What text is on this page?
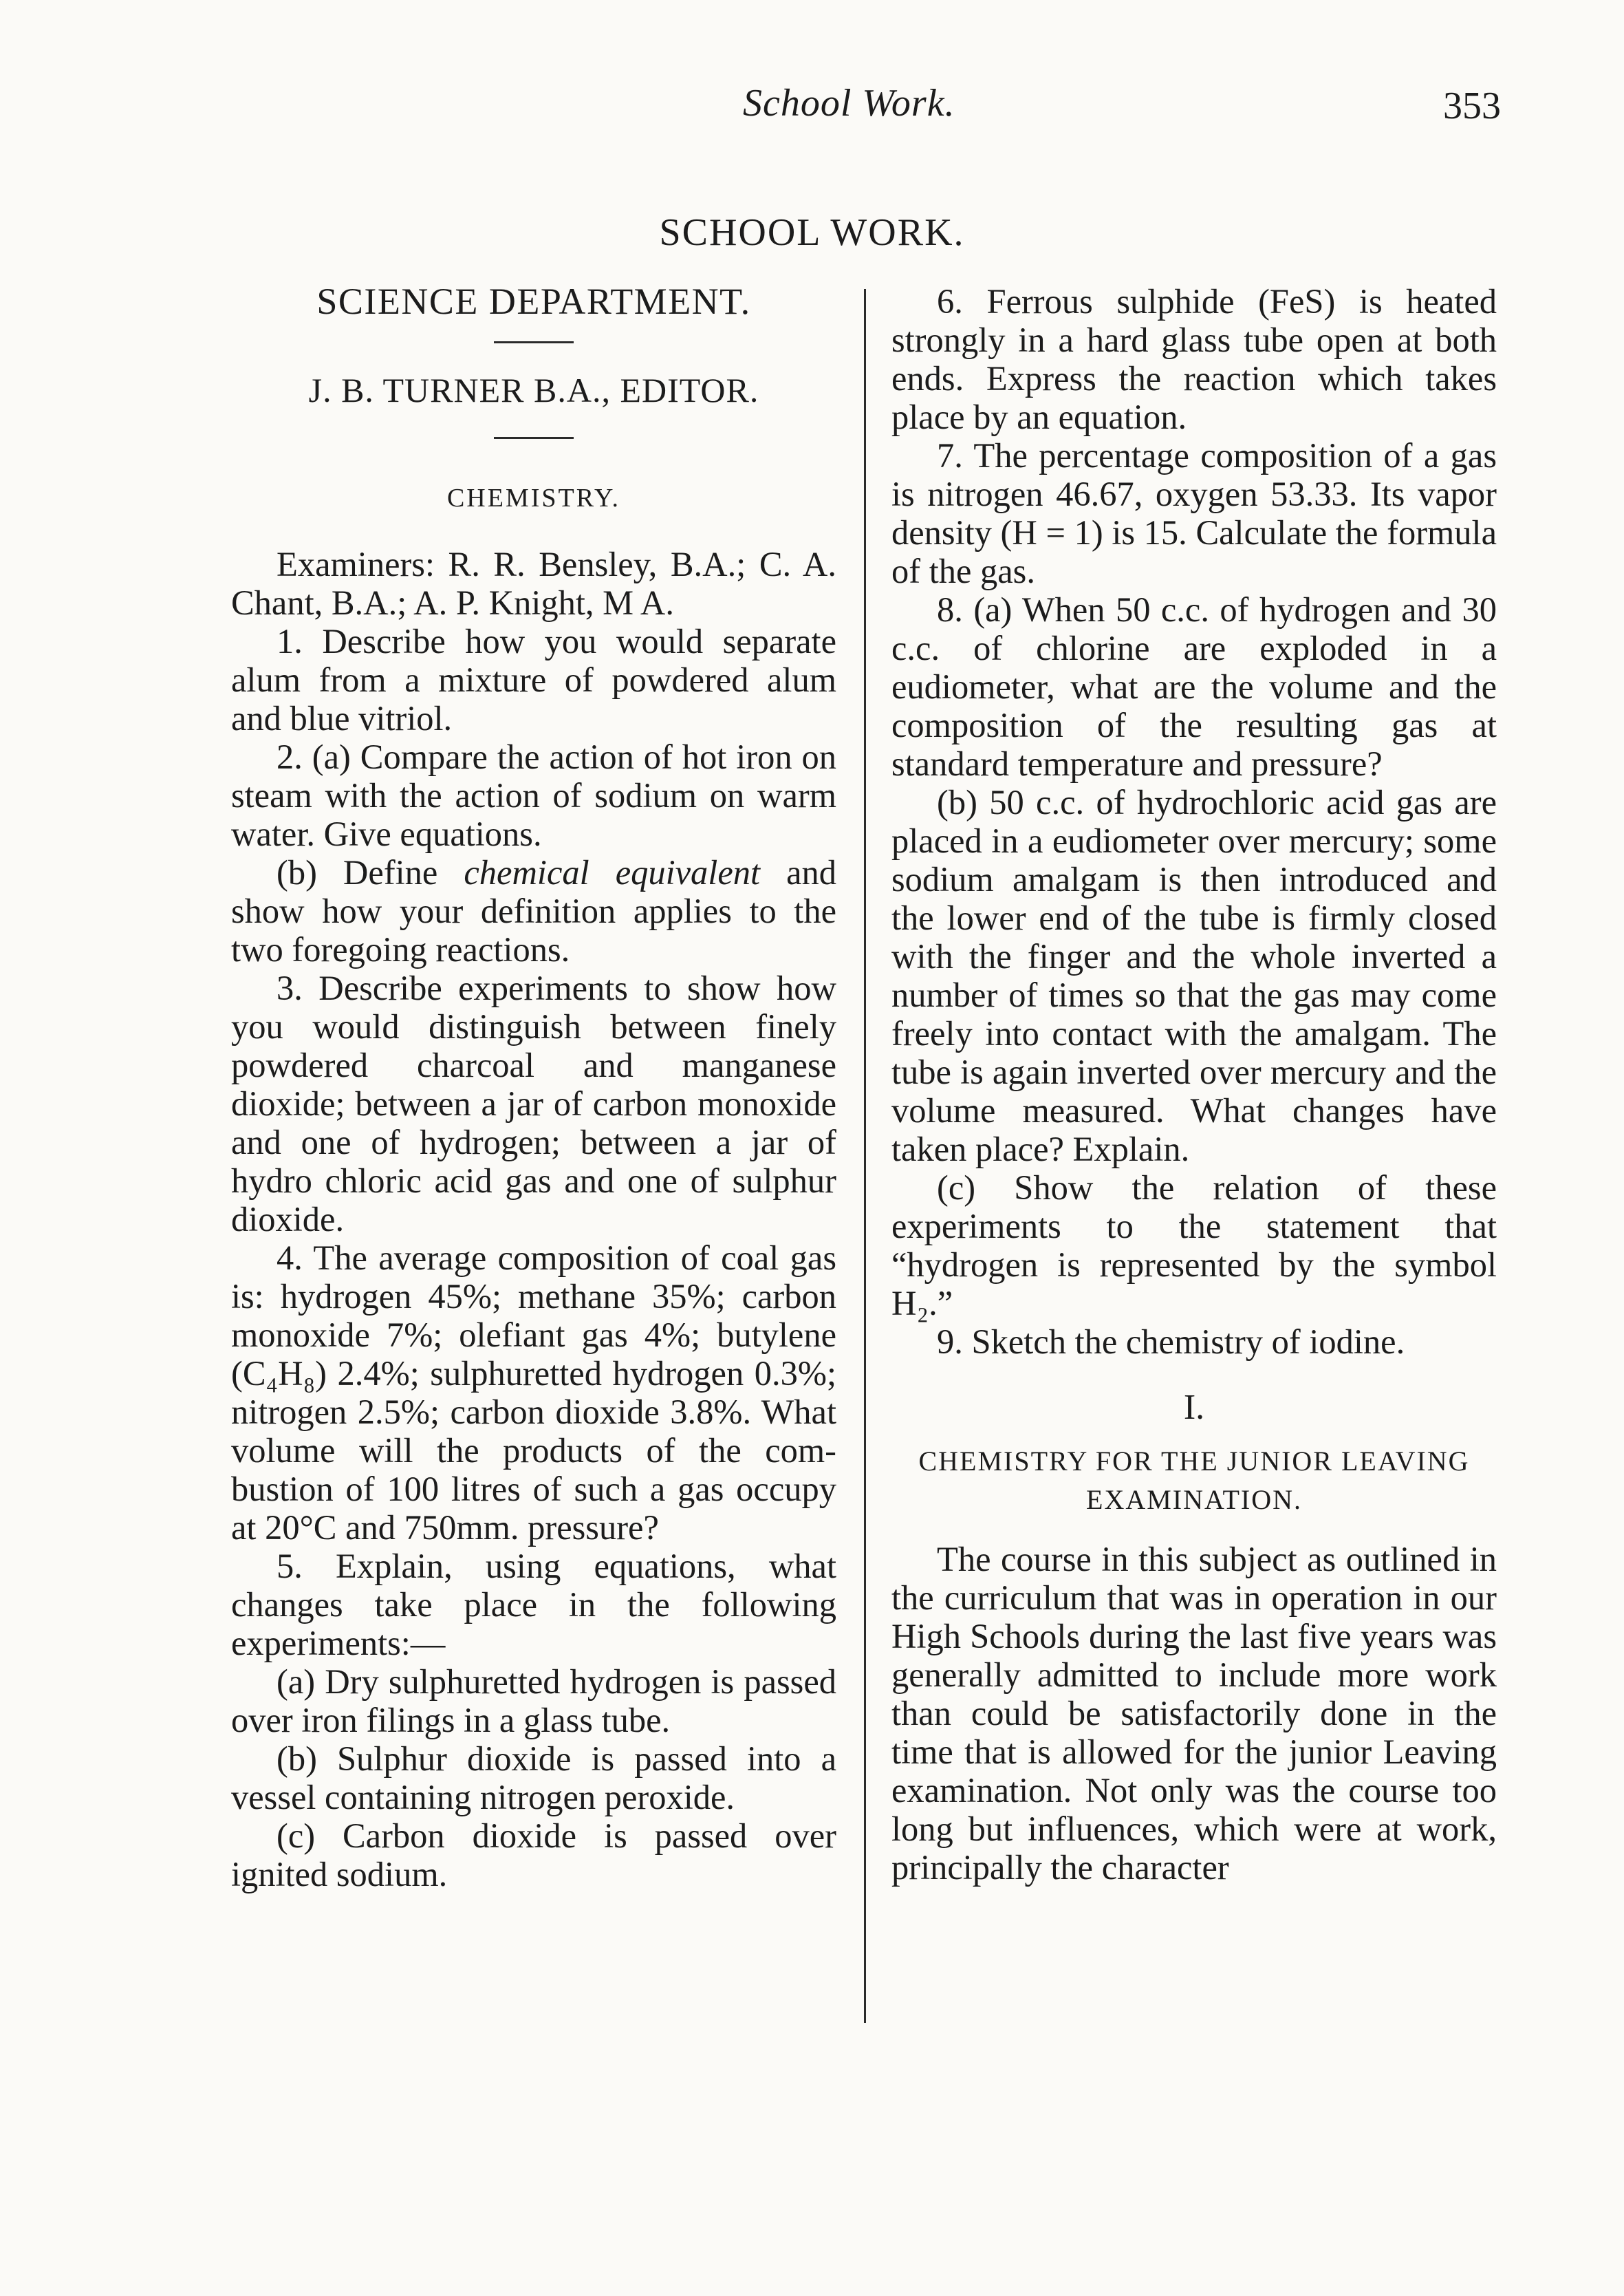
School Work.	353
SCHOOL WORK.
SCIENCE DEPARTMENT.
J. B. TURNER B.A., EDITOR.
CHEMISTRY.

Examiners: R. R. Bensley, B.A.; C. A. Chant, B.A.; A. P. Knight, M A.

1. Describe how you would separate alum from a mixture of powdered alum and blue vitriol.

2. (a) Compare the action of hot iron on steam with the action of sodium on warm water. Give equations.

(b) Define chemical equivalent and show how your definition applies to the two foregoing reactions.

3. Describe experiments to show how you would distinguish between finely powdered charcoal and manganese dioxide; between a jar of carbon monoxide and one of hydrogen; between a jar of hydro chloric acid gas and one of sulphur dioxide.

4. The average composition of coal gas is: hydrogen 45%; methane 35%; carbon monoxide 7%; olefiant gas 4%; butylene (C₄H₈) 2.4%; sulphuretted hydrogen 0.3%; nitrogen 2.5%; carbon dioxide 3.8%. What volume will the products of the combustion of 100 litres of such a gas occupy at 20°C and 750mm. pressure?

5. Explain, using equations, what changes take place in the following experiments:—

(a) Dry sulphuretted hydrogen is passed over iron filings in a glass tube.

(b) Sulphur dioxide is passed into a vessel containing nitrogen peroxide.

(c) Carbon dioxide is passed over ignited sodium.

6. Ferrous sulphide (FeS) is heated strongly in a hard glass tube open at both ends. Express the reaction which takes place by an equation.

7. The percentage composition of a gas is nitrogen 46.67, oxygen 53.33. Its vapor density (H = 1) is 15. Calculate the formula of the gas.

8. (a) When 50 c.c. of hydrogen and 30 c.c. of chlorine are exploded in a eudiometer, what are the volume and the composition of the resulting gas at standard temperature and pressure?

(b) 50 c.c. of hydrochloric acid gas are placed in a eudiometer over mercury; some sodium amalgam is then introduced and the lower end of the tube is firmly closed with the finger and the whole inverted a number of times so that the gas may come freely into contact with the amalgam. The tube is again inverted over mercury and the volume measured. What changes have taken place? Explain.

(c) Show the relation of these experiments to the statement that “hydrogen is represented by the symbol H₂.”

9. Sketch the chemistry of iodine.

I.
CHEMISTRY FOR THE JUNIOR LEAVING EXAMINATION.

The course in this subject as outlined in the curriculum that was in operation in our High Schools during the last five years was generally admitted to include more work than could be satisfactorily done in the time that is allowed for the junior Leaving examination. Not only was the course too long but influences, which were at work, principally the character
